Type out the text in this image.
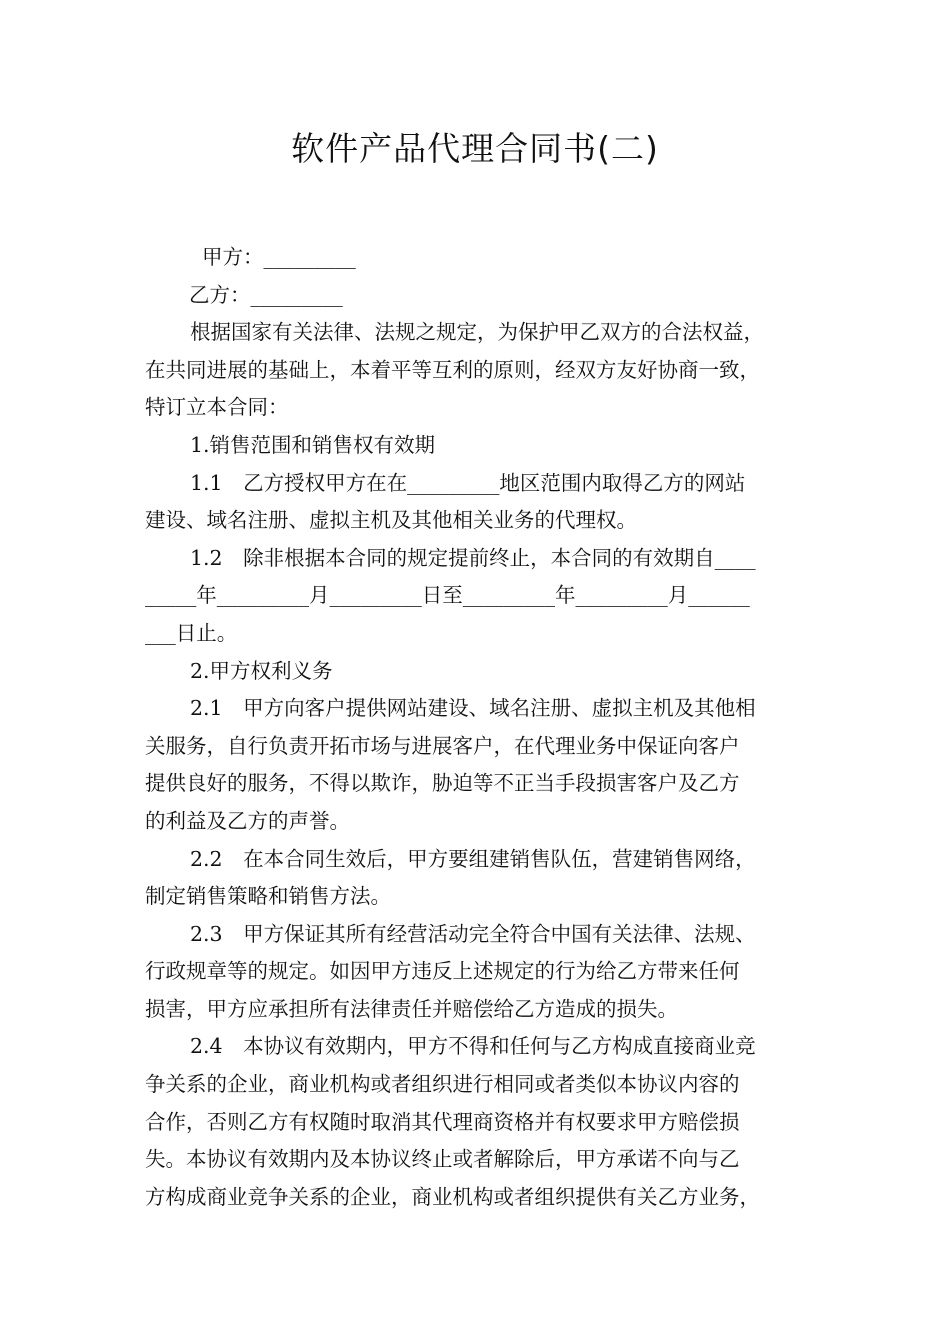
软件产品代理合同书(二)
甲方：_________
乙方：_________
根据国家有关法律、法规之规定，为保护甲乙双方的合法权益，
在共同进展的基础上，本着平等互利的原则，经双方友好协商一致，
特订立本合同：
1.销售范围和销售权有效期
1.1　乙方授权甲方在在_________地区范围内取得乙方的网站
建设、域名注册、虚拟主机及其他相关业务的代理权。
1.2　除非根据本合同的规定提前终止，本合同的有效期自____
_____年_________月_________日至_________年_________月______
___日止。
2.甲方权利义务
2.1　甲方向客户提供网站建设、域名注册、虚拟主机及其他相
关服务，自行负责开拓市场与进展客户，在代理业务中保证向客户
提供良好的服务，不得以欺诈，胁迫等不正当手段损害客户及乙方
的利益及乙方的声誉。
2.2　在本合同生效后，甲方要组建销售队伍，营建销售网络，
制定销售策略和销售方法。
2.3　甲方保证其所有经营活动完全符合中国有关法律、法规、
行政规章等的规定。如因甲方违反上述规定的行为给乙方带来任何
损害，甲方应承担所有法律责任并赔偿给乙方造成的损失。
2.4　本协议有效期内，甲方不得和任何与乙方构成直接商业竞
争关系的企业，商业机构或者组织进行相同或者类似本协议内容的
合作，否则乙方有权随时取消其代理商资格并有权要求甲方赔偿损
失。本协议有效期内及本协议终止或者解除后，甲方承诺不向与乙
方构成商业竞争关系的企业，商业机构或者组织提供有关乙方业务，
